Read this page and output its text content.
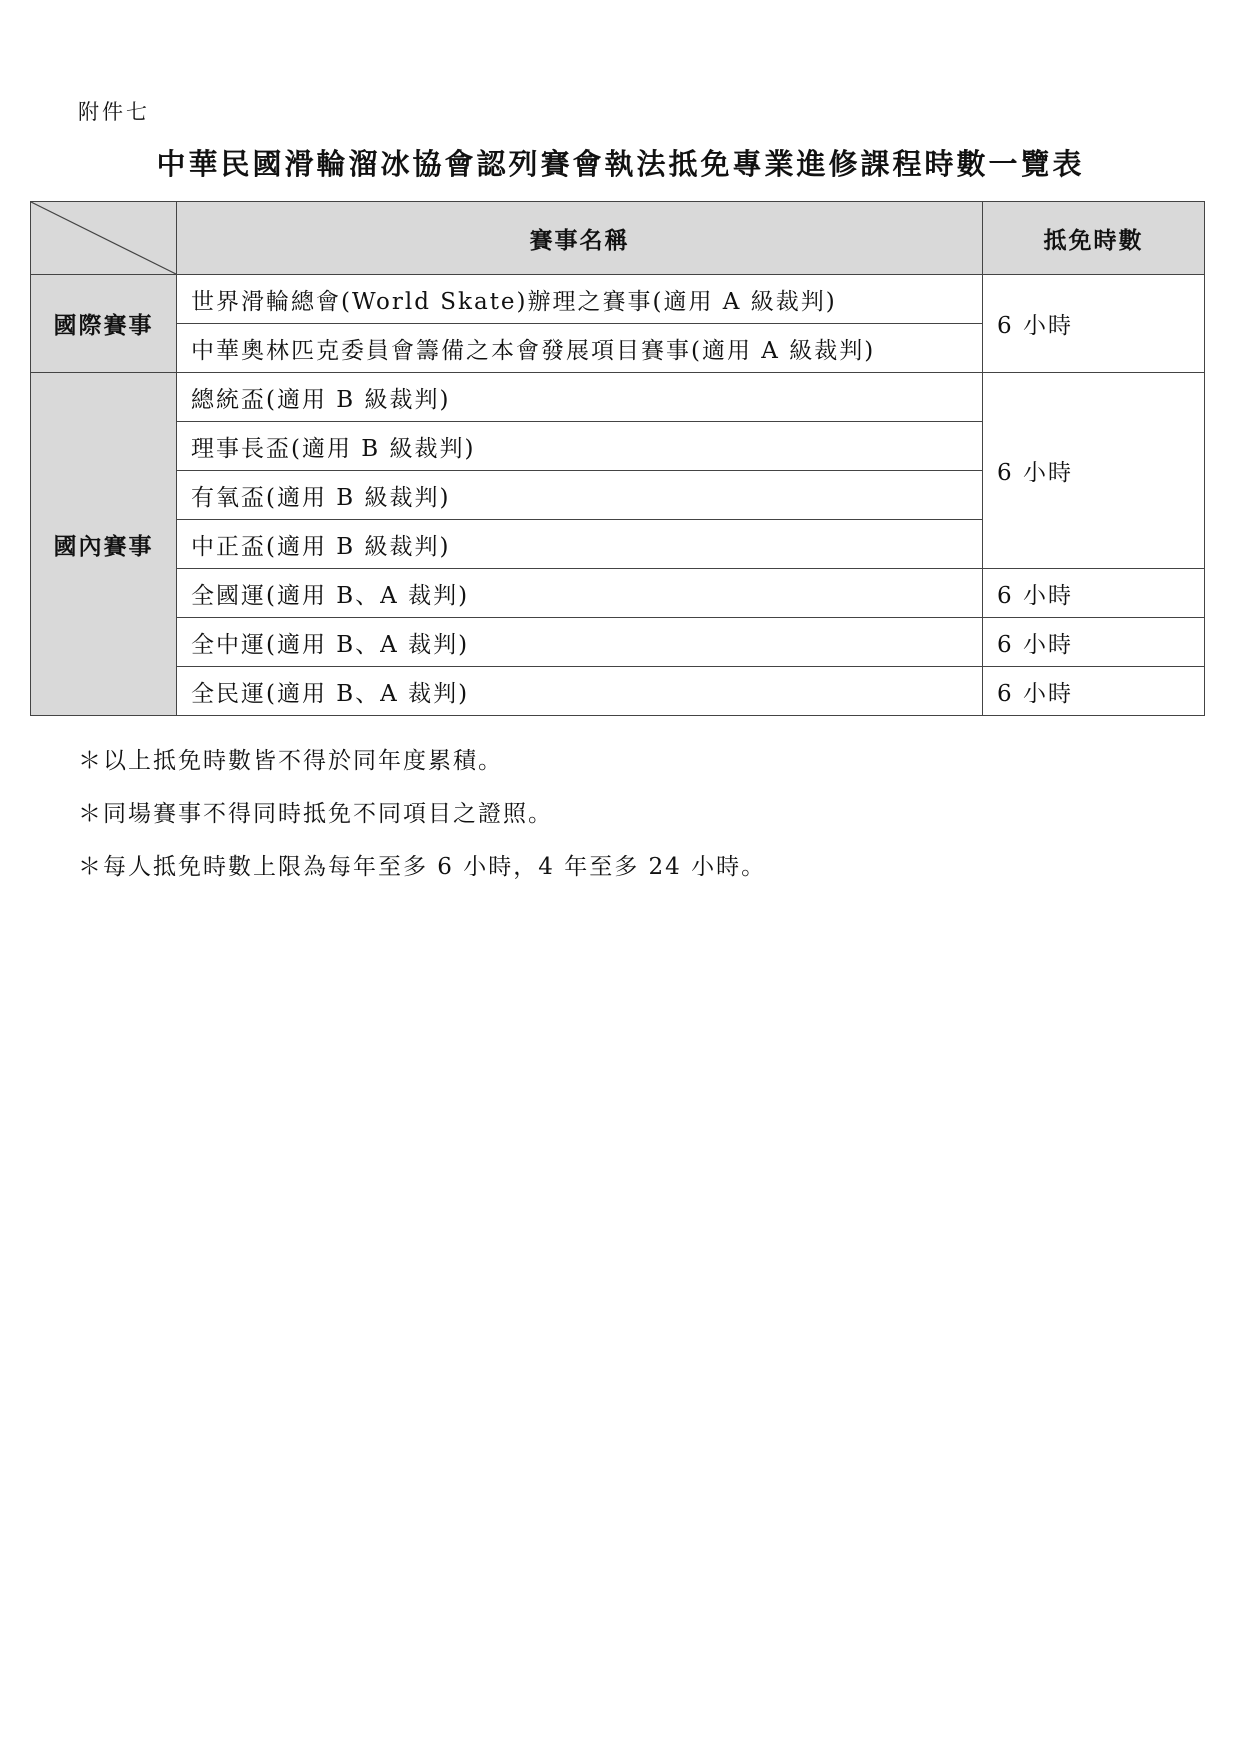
附件七
中華民國滑輪溜冰協會認列賽會執法抵免專業進修課程時數一覽表
	賽事名稱	抵免時數
國際賽事	世界滑輪總會(World Skate)辦理之賽事(適用 A 級裁判)	6 小時
	中華奧林匹克委員會籌備之本會發展項目賽事(適用 A 級裁判)	
國內賽事	總統盃(適用 B 級裁判)	6 小時
	理事長盃(適用 B 級裁判)	
	有氧盃(適用 B 級裁判)	
	中正盃(適用 B 級裁判)	
	全國運(適用 B、A 裁判)	6 小時
	全中運(適用 B、A 裁判)	6 小時
	全民運(適用 B、A 裁判)	6 小時
＊以上抵免時數皆不得於同年度累積。
＊同場賽事不得同時抵免不同項目之證照。
＊每人抵免時數上限為每年至多 6 小時，4 年至多 24 小時。
